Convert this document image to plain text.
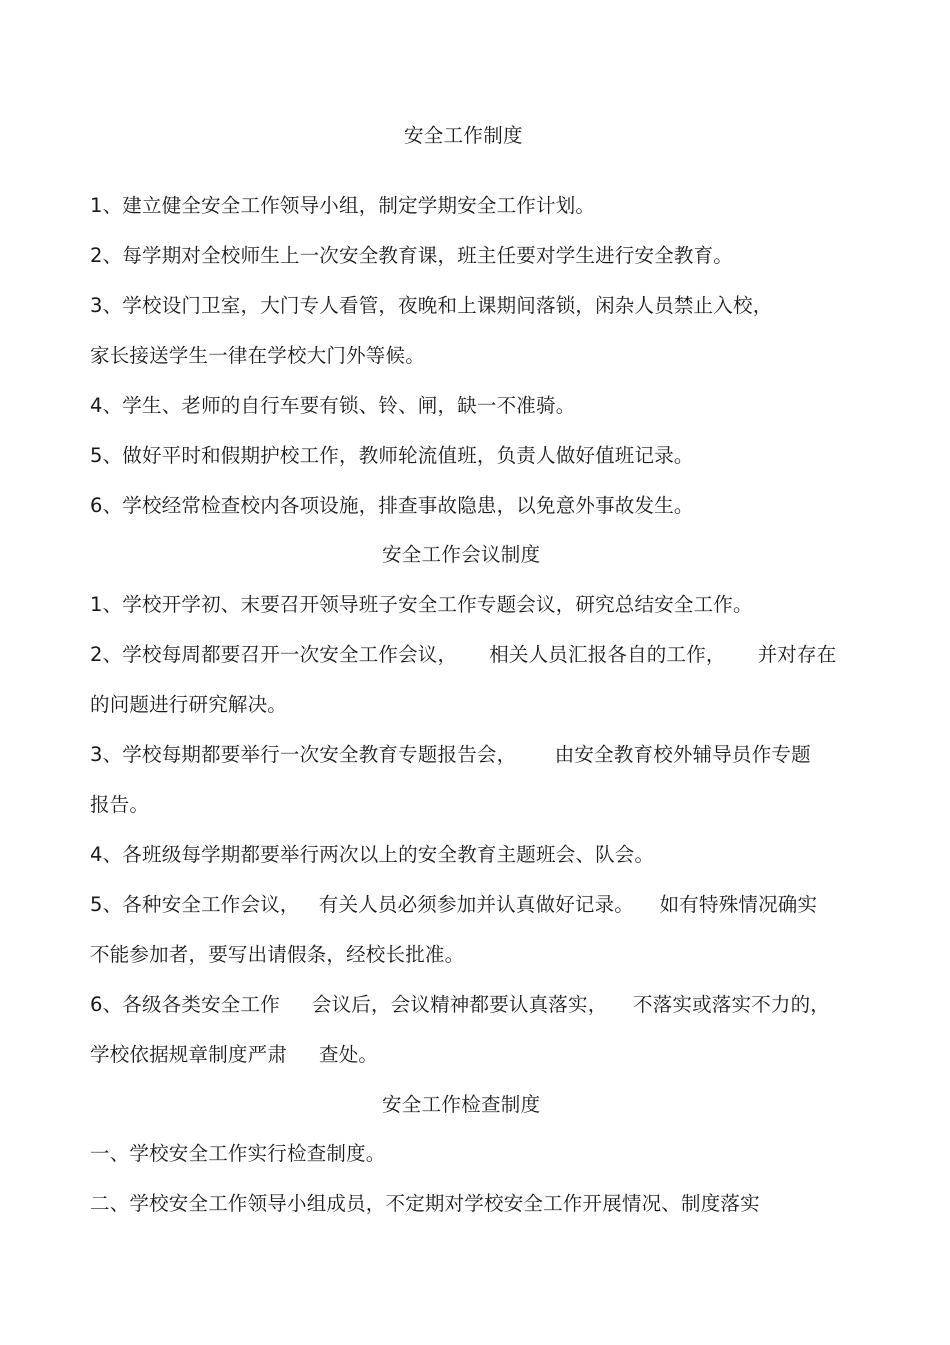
安全工作制度
1、建立健全安全工作领导小组，制定学期安全工作计划。
2、每学期对全校师生上一次安全教育课，班主任要对学生进行安全教育。
3、学校设门卫室，大门专人看管，夜晚和上课期间落锁，闲杂人员禁止入校，
家长接送学生一律在学校大门外等候。
4、学生、老师的自行车要有锁、铃、闸，缺一不准骑。
5、做好平时和假期护校工作，教师轮流值班，负责人做好值班记录。
6、学校经常检查校内各项设施，排查事故隐患，以免意外事故发生。
安全工作会议制度
1、学校开学初、末要召开领导班子安全工作专题会议，研究总结安全工作。
2、学校每周都要召开一次安全工作会议，     相关人员汇报各自的工作，     并对存在
的问题进行研究解决。
3、学校每期都要举行一次安全教育专题报告会，      由安全教育校外辅导员作专题
报告。
4、各班级每学期都要举行两次以上的安全教育主题班会、队会。
5、各种安全工作会议，   有关人员必须参加并认真做好记录。    如有特殊情况确实
不能参加者，要写出请假条，经校长批准。
6、各级各类安全工作     会议后，会议精神都要认真落实，    不落实或落实不力的，
学校依据规章制度严肃     查处。
安全工作检查制度
一、学校安全工作实行检查制度。
二、学校安全工作领导小组成员，不定期对学校安全工作开展情况、制度落实
